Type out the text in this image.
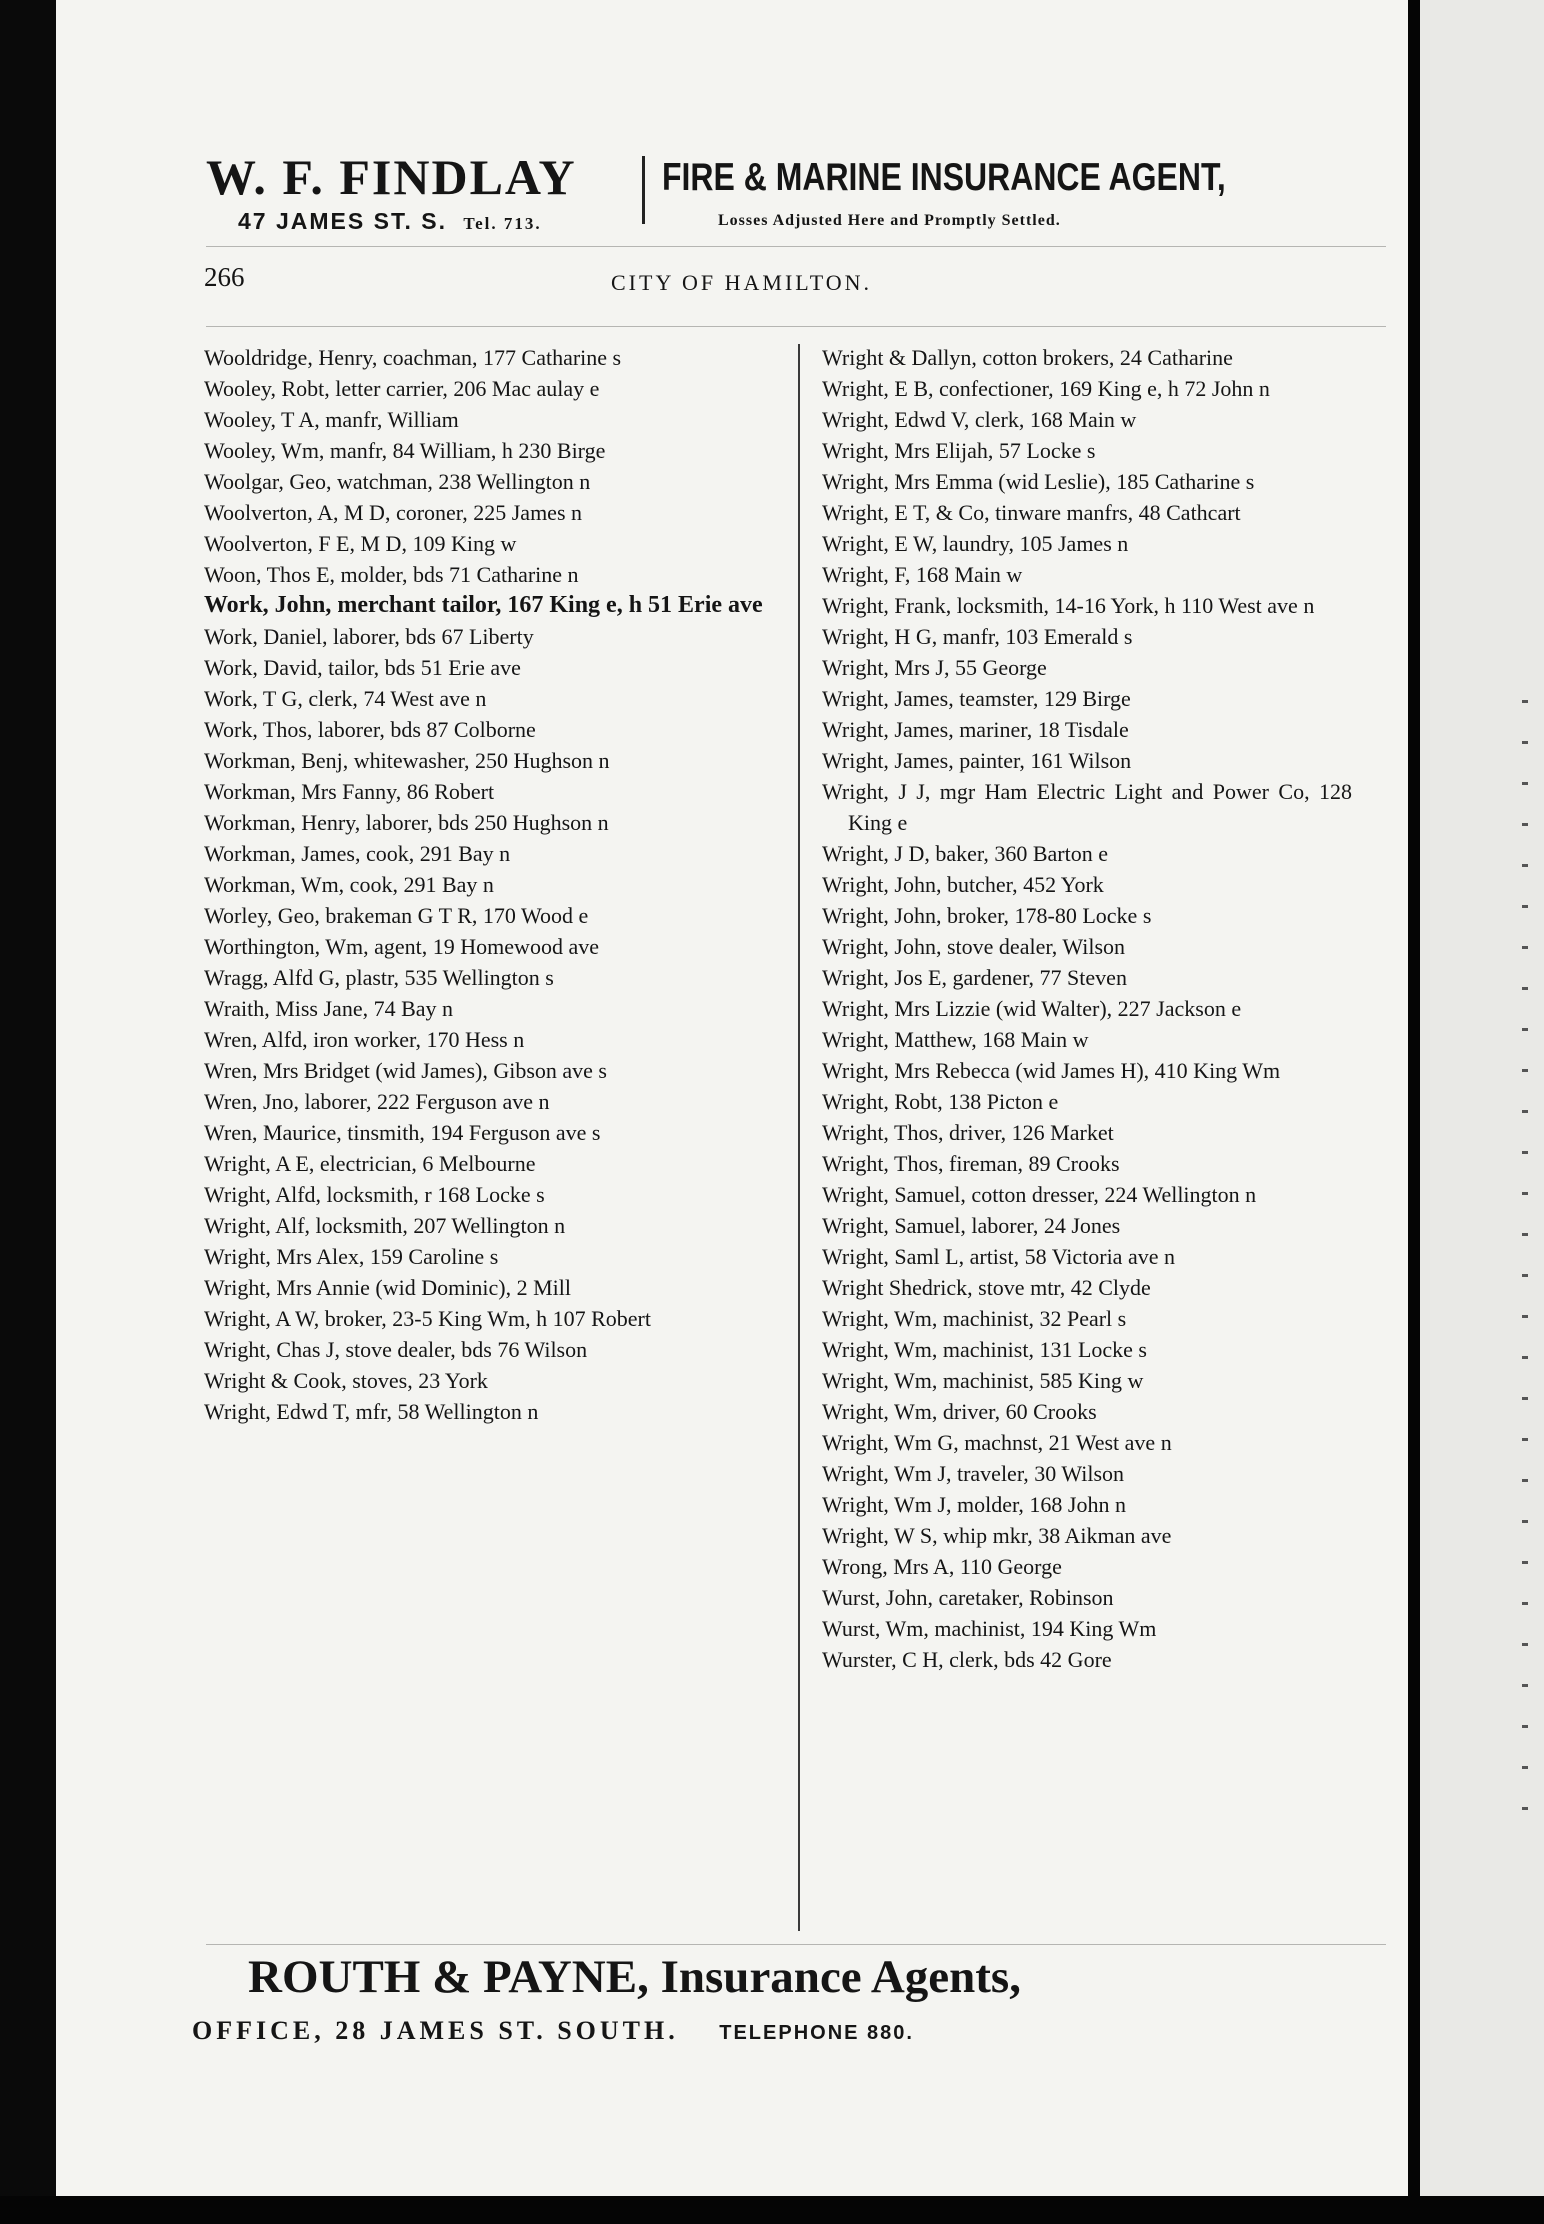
W. F. FINDLAY
47 JAMES ST. S. Tel. 713.
FIRE & MARINE INSURANCE AGENT,
Losses Adjusted Here and Promptly Settled.
266	CITY OF HAMILTON.
Wooldridge, Henry, coachman, 177 Catharine s
Wooley, Robt, letter carrier, 206 Mac aulay e
Wooley, T A, manfr, William
Wooley, Wm, manfr, 84 William, h 230 Birge
Woolgar, Geo, watchman, 238 Wellington n
Woolverton, A, M D, coroner, 225 James n
Woolverton, F E, M D, 109 King w
Woon, Thos E, molder, bds 71 Catharine n
Work, John, merchant tailor, 167 King e, h 51 Erie ave
Work, Daniel, laborer, bds 67 Liberty
Work, David, tailor, bds 51 Erie ave
Work, T G, clerk, 74 West ave n
Work, Thos, laborer, bds 87 Colborne
Workman, Benj, whitewasher, 250 Hughson n
Workman, Mrs Fanny, 86 Robert
Workman, Henry, laborer, bds 250 Hughson n
Workman, James, cook, 291 Bay n
Workman, Wm, cook, 291 Bay n
Worley, Geo, brakeman G T R, 170 Wood e
Worthington, Wm, agent, 19 Homewood ave
Wragg, Alfd G, plastr, 535 Wellington s
Wraith, Miss Jane, 74 Bay n
Wren, Alfd, iron worker, 170 Hess n
Wren, Mrs Bridget (wid James), Gibson ave s
Wren, Jno, laborer, 222 Ferguson ave n
Wren, Maurice, tinsmith, 194 Ferguson ave s
Wright, A E, electrician, 6 Melbourne
Wright, Alfd, locksmith, r 168 Locke s
Wright, Alf, locksmith, 207 Wellington n
Wright, Mrs Alex, 159 Caroline s
Wright, Mrs Annie (wid Dominic), 2 Mill
Wright, A W, broker, 23-5 King Wm, h 107 Robert
Wright, Chas J, stove dealer, bds 76 Wilson
Wright & Cook, stoves, 23 York
Wright, Edwd T, mfr, 58 Wellington n
Wright & Dallyn, cotton brokers, 24 Catharine
Wright, E B, confectioner, 169 King e, h 72 John n
Wright, Edwd V, clerk, 168 Main w
Wright, Mrs Elijah, 57 Locke s
Wright, Mrs Emma (wid Leslie), 185 Catharine s
Wright, E T, & Co, tinware manfrs, 48 Cathcart
Wright, E W, laundry, 105 James n
Wright, F, 168 Main w
Wright, Frank, locksmith, 14-16 York, h 110 West ave n
Wright, H G, manfr, 103 Emerald s
Wright, Mrs J, 55 George
Wright, James, teamster, 129 Birge
Wright, James, mariner, 18 Tisdale
Wright, James, painter, 161 Wilson
Wright, J J, mgr Ham Electric Light and Power Co, 128 King e
Wright, J D, baker, 360 Barton e
Wright, John, butcher, 452 York
Wright, John, broker, 178-80 Locke s
Wright, John, stove dealer, Wilson
Wright, Jos E, gardener, 77 Steven
Wright, Mrs Lizzie (wid Walter), 227 Jackson e
Wright, Matthew, 168 Main w
Wright, Mrs Rebecca (wid James H), 410 King Wm
Wright, Robt, 138 Picton e
Wright, Thos, driver, 126 Market
Wright, Thos, fireman, 89 Crooks
Wright, Samuel, cotton dresser, 224 Wellington n
Wright, Samuel, laborer, 24 Jones
Wright, Saml L, artist, 58 Victoria ave n
Wright Shedrick, stove mtr, 42 Clyde
Wright, Wm, machinist, 32 Pearl s
Wright, Wm, machinist, 131 Locke s
Wright, Wm, machinist, 585 King w
Wright, Wm, driver, 60 Crooks
Wright, Wm G, machnst, 21 West ave n
Wright, Wm J, traveler, 30 Wilson
Wright, Wm J, molder, 168 John n
Wright, W S, whip mkr, 38 Aikman ave
Wrong, Mrs A, 110 George
Wurst, John, caretaker, Robinson
Wurst, Wm, machinist, 194 King Wm
Wurster, C H, clerk, bds 42 Gore
ROUTH & PAYNE, Insurance Agents,
OFFICE, 28 JAMES ST. SOUTH. TELEPHONE 880.
